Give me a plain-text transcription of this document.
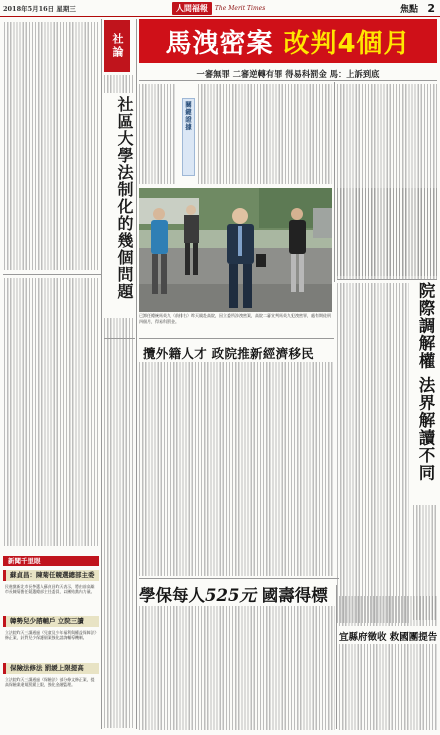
2018年5月16日 星期三	人間福報	The Merit Times	焦點 2
社論
社區大學法制化的幾個問題
馬洩密案 改判4個月
一審無罪 二審逆轉有罪 得易科罰金 馬：上訴到底
關鍵證據
已卸任總統馬英九（前排右）昨天親赴高院，因立委所涉洩密案，高院二審宣判馬英九犯洩密罪，處有期徒刑四個月，得易科罰金。	院際調解權 法界解讀不同
攬外籍人才 政院推新經濟移民
學保每人525元 國壽得標
宜縣府徵收 救國團提告
新聞千里眼
蘇貞昌：陳菊任競選總部主委
民進黨新北市長參選人蘇貞昌昨天表示，將由前高雄市長陳菊擔任競選總部主任委員，以團結黨內力量。
韓勢兒少諮輔戶 立院三讀
立法院昨天三讀通過《兒童及少年福利與權益保障法》修正案，針對兒少保護個案強化諮詢輔導機制。
保險法修法 罰緩上限提高
立法院昨天三讀通過《保險法》部分條文修正案，提高保險業違規罰鍰上限，強化金融監理。
